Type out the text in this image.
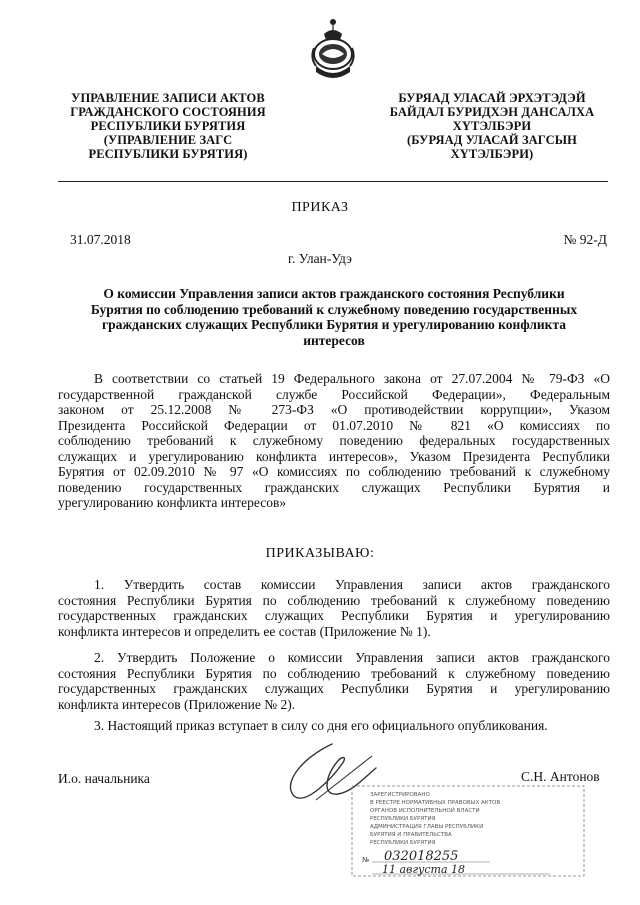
УПРАВЛЕНИЕ ЗАПИСИ АКТОВ
ГРАЖДАНСКОГО СОСТОЯНИЯ
РЕСПУБЛИКИ БУРЯТИЯ
(УПРАВЛЕНИЕ ЗАГС
РЕСПУБЛИКИ БУРЯТИЯ)
БУРЯАД УЛАСАЙ ЭРХЭТЭДЭЙ
БАЙДАЛ БУРИДХЭН ДАНСАЛХА
ХҮТЭЛБЭРИ
(БУРЯАД УЛАСАЙ ЗАГСЫН
ХҮТЭЛБЭРИ)
ПРИКАЗ
31.07.2018	№ 92-Д
г. Улан-Удэ
О комиссии Управления записи актов гражданского состояния Республики
Бурятия по соблюдению требований к служебному поведению государственных
гражданских служащих Республики Бурятия и урегулированию конфликта
интересов
В соответствии со статьей 19 Федерального закона от 27.07.2004 № 79-ФЗ «О
государственной гражданской службе Российской Федерации», Федеральным
законом от 25.12.2008 № 273-ФЗ «О противодействии коррупции», Указом
Президента Российской Федерации от 01.07.2010 № 821 «О комиссиях по
соблюдению требований к служебному поведению федеральных государственных
служащих и урегулированию конфликта интересов», Указом Президента Республики
Бурятия от 02.09.2010 № 97 «О комиссиях по соблюдению требований к служебному
поведению государственных гражданских служащих Республики Бурятия и
урегулированию конфликта интересов»
ПРИКАЗЫВАЮ:
1. Утвердить состав комиссии Управления записи актов гражданского
состояния Республики Бурятия по соблюдению требований к служебному поведению
государственных гражданских служащих Республики Бурятия и урегулированию
конфликта интересов и определить ее состав (Приложение № 1).
2. Утвердить Положение о комиссии Управления записи актов гражданского
состояния Республики Бурятия по соблюдению требований к служебному поведению
государственных гражданских служащих Республики Бурятия и урегулированию
конфликта интересов (Приложение № 2).
3. Настоящий приказ вступает в силу со дня его официального опубликования.
И.о. начальника
ЗАРЕГИСТРИРОВАНО
В РЕЕСТРЕ НОРМАТИВНЫХ ПРАВОВЫХ АКТОВ
ОРГАНОВ ИСПОЛНИТЕЛЬНОЙ ВЛАСТИ
РЕСПУБЛИКИ БУРЯТИЯ
АДМИНИСТРАЦИЯ ГЛАВЫ РЕСПУБЛИКИ
БУРЯТИЯ И ПРАВИТЕЛЬСТВА
РЕСПУБЛИКИ БУРЯТИЯ
№ 032018255
11 августа 18
С.Н. Антонов
